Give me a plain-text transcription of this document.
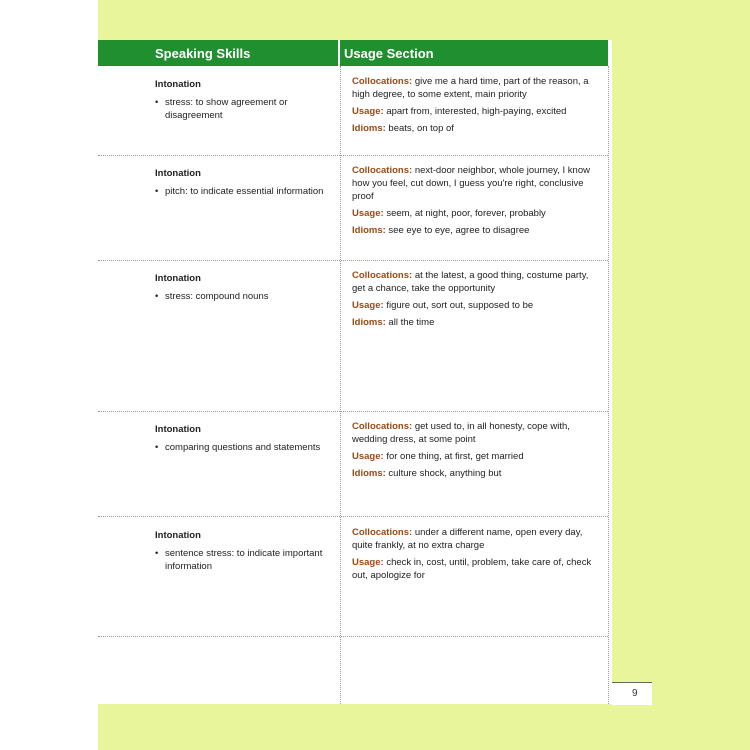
Speaking Skills	Usage Section
Intonation
• stress: to show agreement or disagreement
Collocations: give me a hard time, part of the reason, a high degree, to some extent, main priority
Usage: apart from, interested, high-paying, excited
Idioms: beats, on top of
Intonation
• pitch: to indicate essential information
Collocations: next-door neighbor, whole journey, I know how you feel, cut down, I guess you're right, conclusive proof
Usage: seem, at night, poor, forever, probably
Idioms: see eye to eye, agree to disagree
Intonation
• stress: compound nouns
Collocations: at the latest, a good thing, costume party, get a chance, take the opportunity
Usage: figure out, sort out, supposed to be
Idioms: all the time
Intonation
• comparing questions and statements
Collocations: get used to, in all honesty, cope with, wedding dress, at some point
Usage: for one thing, at first, get married
Idioms: culture shock, anything but
Intonation
• sentence stress: to indicate important information
Collocations: under a different name, open every day, quite frankly, at no extra charge
Usage: check in, cost, until, problem, take care of, check out, apologize for
9
